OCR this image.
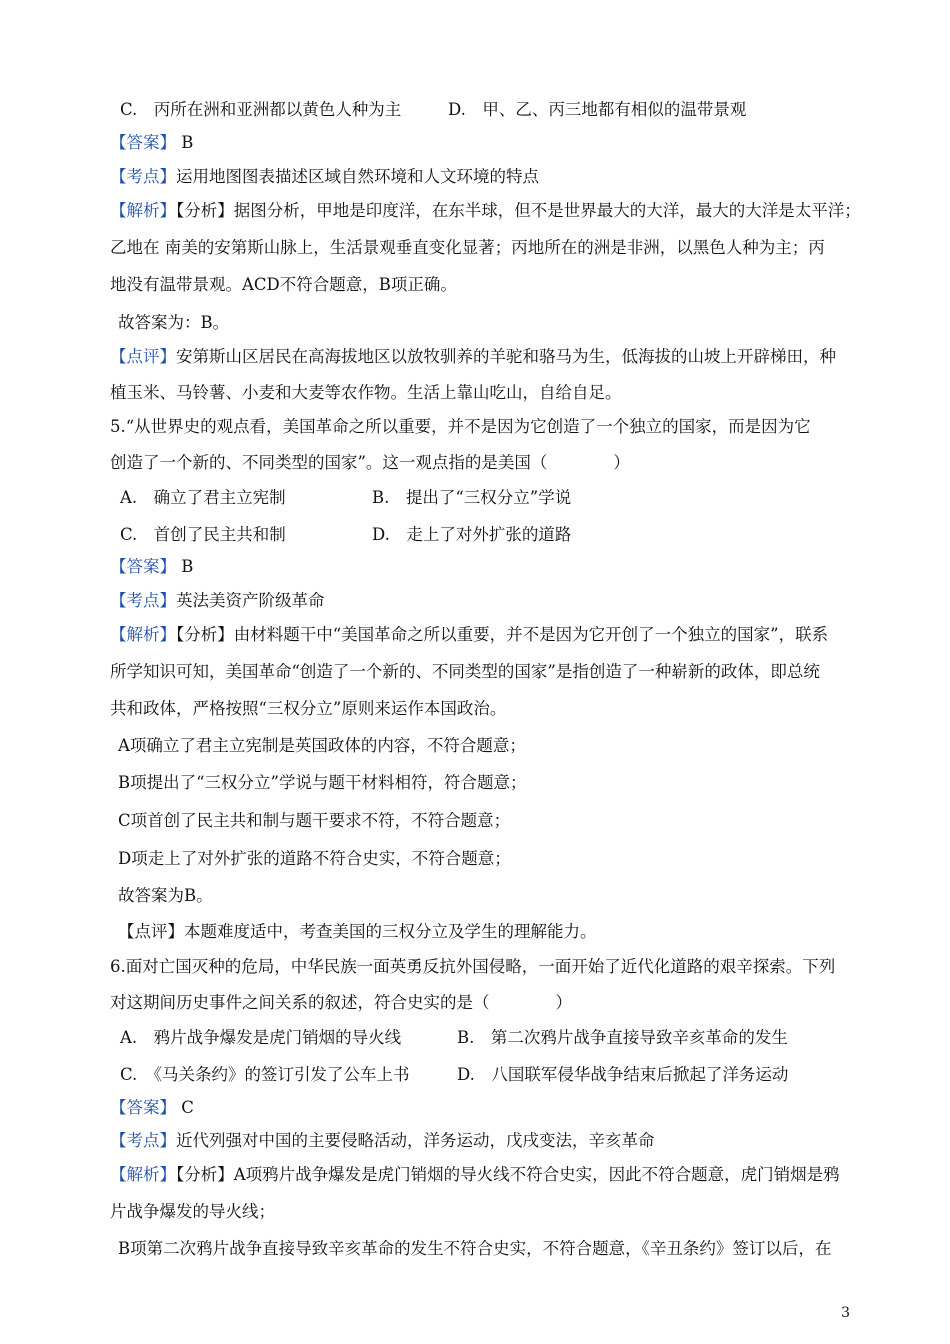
C.　丙所在洲和亚洲都以黄色人种为主	D.　甲、乙、丙三地都有相似的温带景观
【答案】 B
【考点】运用地图图表描述区域自然环境和人文环境的特点
【解析】【分析】据图分析，甲地是印度洋，在东半球，但不是世界最大的大洋，最大的大洋是太平洋；
乙地在 南美的安第斯山脉上，生活景观垂直变化显著；丙地所在的洲是非洲，以黑色人种为主；丙
地没有温带景观。ACD不符合题意，B项正确。
故答案为：B。
【点评】安第斯山区居民在高海拔地区以放牧驯养的羊驼和骆马为生，低海拔的山坡上开辟梯田，种
植玉米、马铃薯、小麦和大麦等农作物。生活上靠山吃山，自给自足。
5.“从世界史的观点看，美国革命之所以重要，并不是因为它创造了一个独立的国家，而是因为它
创造了一个新的、不同类型的国家”。这一观点指的是美国（　　　　）
A.　确立了君主立宪制	B.　提出了“三权分立”学说
C.　首创了民主共和制	D.　走上了对外扩张的道路
【答案】 B
【考点】英法美资产阶级革命
【解析】【分析】由材料题干中“美国革命之所以重要，并不是因为它开创了一个独立的国家”，联系
所学知识可知，美国革命“创造了一个新的、不同类型的国家”是指创造了一种崭新的政体，即总统
共和政体，严格按照“三权分立”原则来运作本国政治。
A项确立了君主立宪制是英国政体的内容，不符合题意；
B项提出了“三权分立”学说与题干材料相符，符合题意；
C项首创了民主共和制与题干要求不符，不符合题意；
D项走上了对外扩张的道路不符合史实，不符合题意；
故答案为B。
【点评】本题难度适中，考查美国的三权分立及学生的理解能力。
6.面对亡国灭种的危局，中华民族一面英勇反抗外国侵略，一面开始了近代化道路的艰辛探索。下列
对这期间历史事件之间关系的叙述，符合史实的是（　　　　）
A.　鸦片战争爆发是虎门销烟的导火线	B.　第二次鸦片战争直接导致辛亥革命的发生
C.　《马关条约》的签订引发了公车上书	D.　八国联军侵华战争结束后掀起了洋务运动
【答案】 C
【考点】近代列强对中国的主要侵略活动，洋务运动，戊戌变法，辛亥革命
【解析】【分析】A项鸦片战争爆发是虎门销烟的导火线不符合史实，因此不符合题意，虎门销烟是鸦
片战争爆发的导火线；
B项第二次鸦片战争直接导致辛亥革命的发生不符合史实，不符合题意，《辛丑条约》签订以后，在
3
